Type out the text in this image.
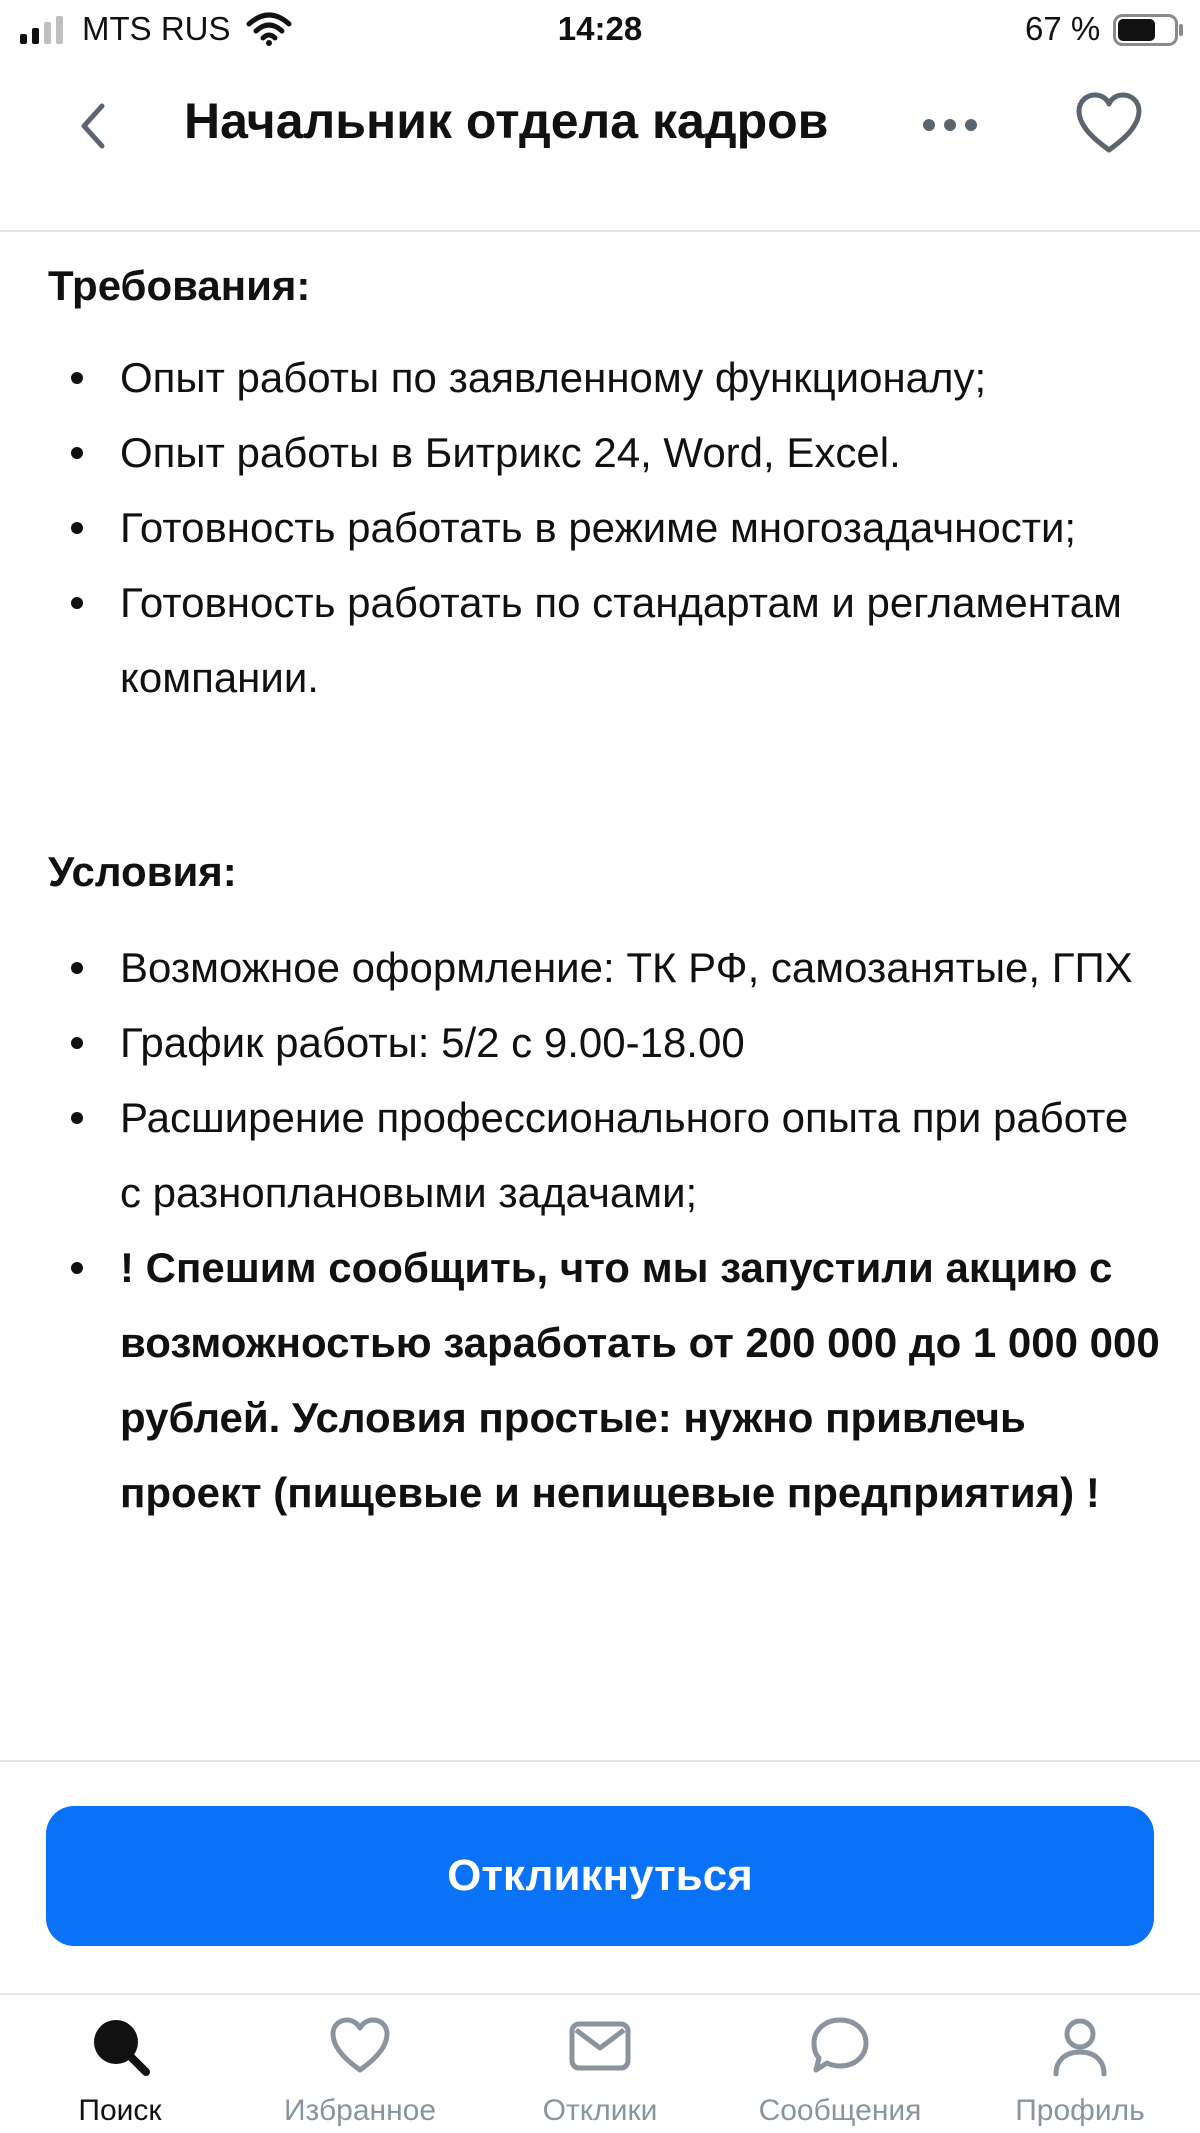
MTS RUS	14:28	67 %
Начальник отдела кадров
Требования:
Опыт работы по заявленному функционалу;
Опыт работы в Битрикс 24, Word, Excel.
Готовность работать в режиме многозадачности;
Готовность работать по стандартам и регламентам компании.
Условия:
Возможное оформление: ТК РФ, самозанятые, ГПХ
График работы: 5/2 с 9.00-18.00
Расширение профессионального опыта при работе с разноплановыми задачами;
! Спешим сообщить, что мы запустили акцию с возможностью заработать от 200 000 до 1 000 000 рублей. Условия простые: нужно привлечь проект (пищевые и непищевые предприятия) !
Откликнуться
Поиск	Избранное	Отклики	Сообщения	Профиль
